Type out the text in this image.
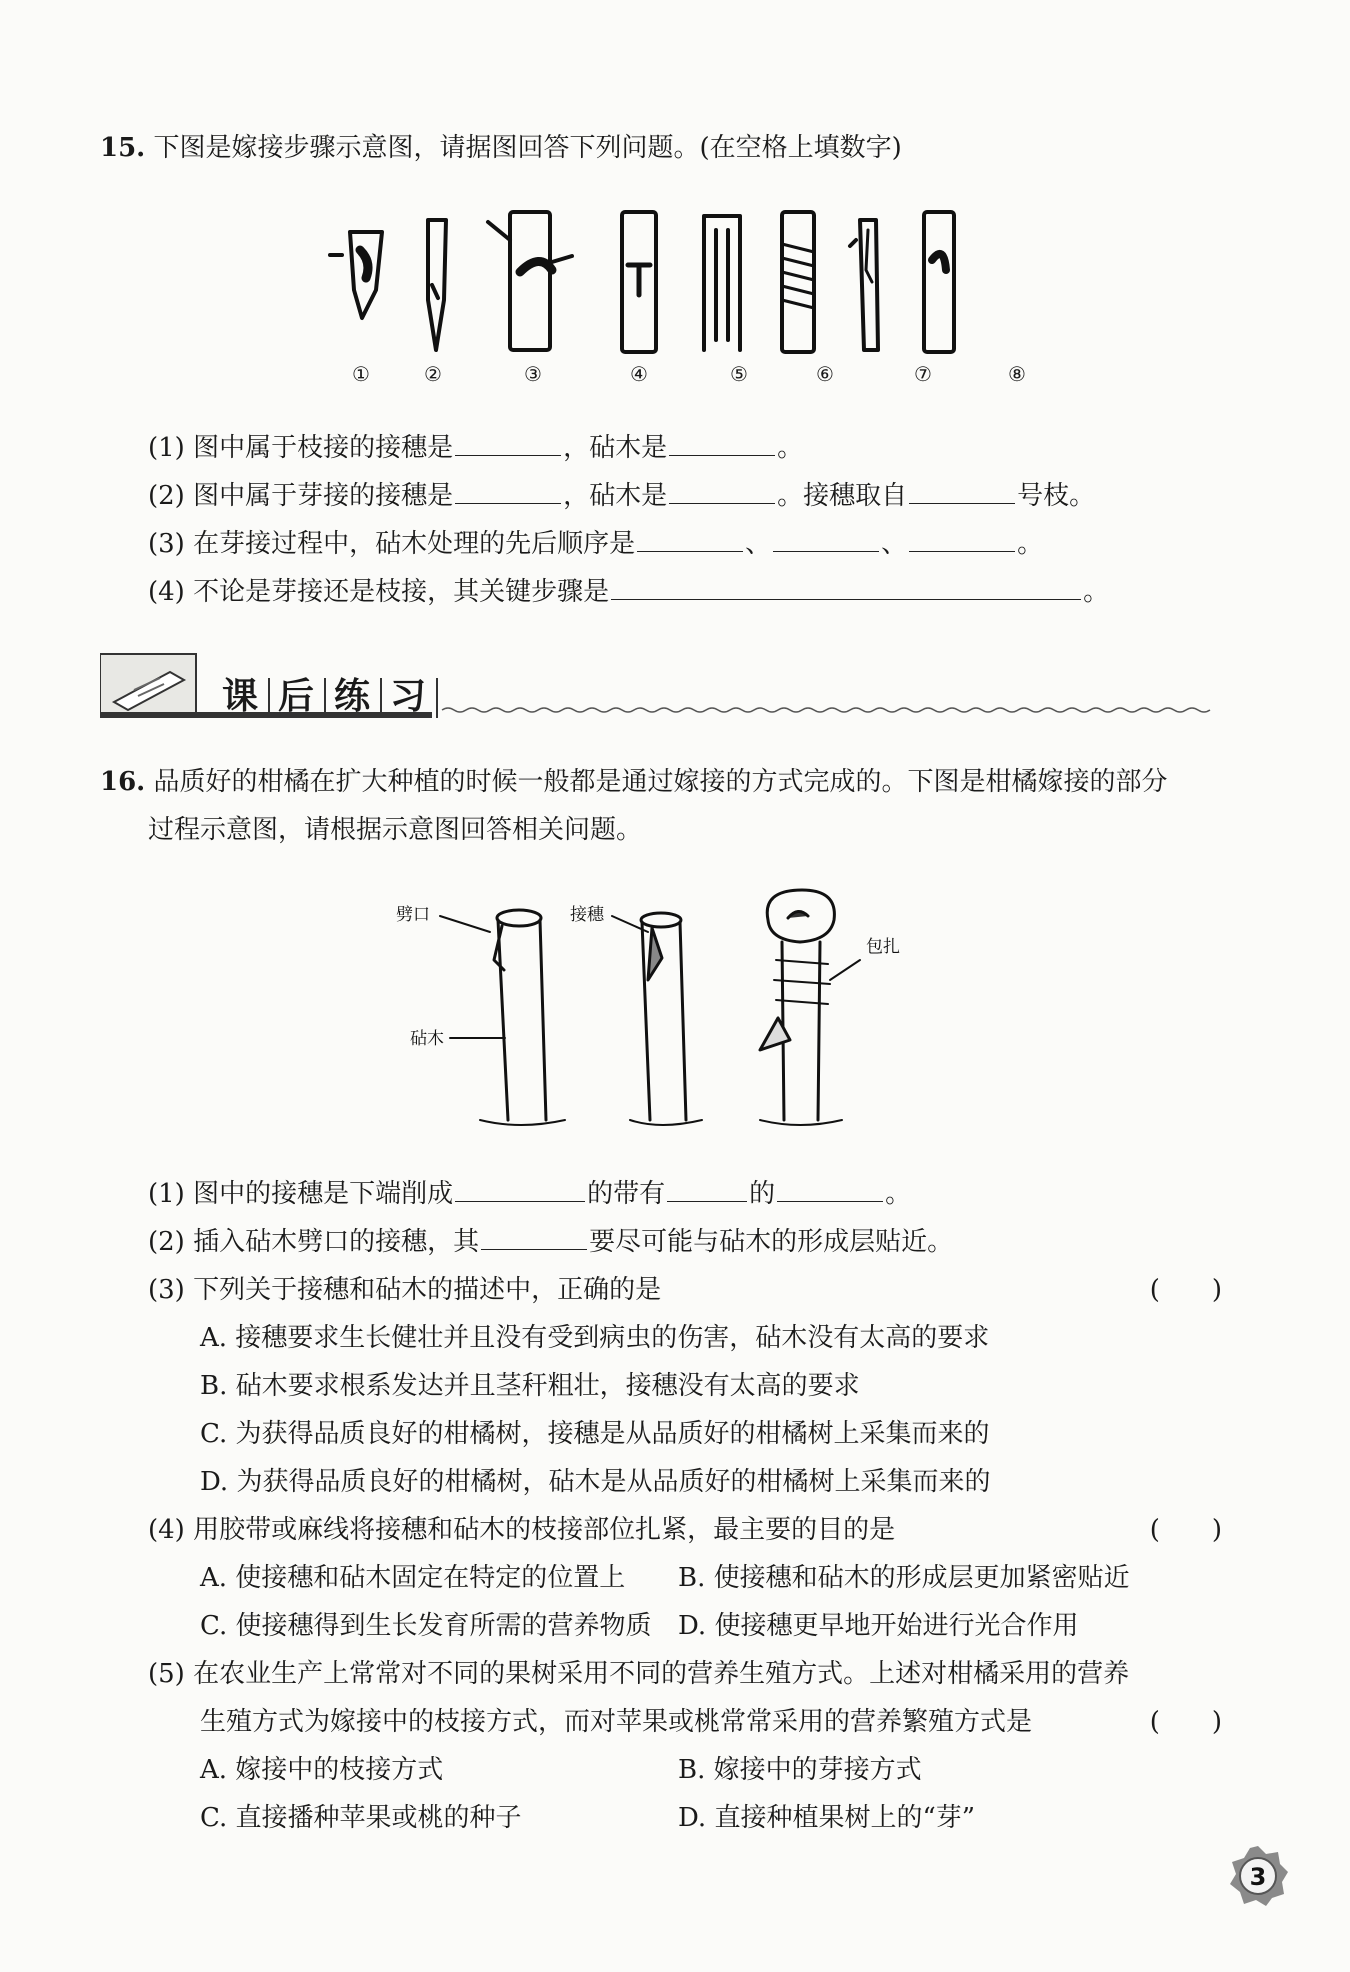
15. 下图是嫁接步骤示意图，请据图回答下列问题。(在空格上填数字)
①	②	③	④	⑤	⑥	⑦	⑧
(1) 图中属于枝接的接穗是	，砧木是	。
(2) 图中属于芽接的接穗是	，砧木是	。接穗取自	号枝。
(3) 在芽接过程中，砧木处理的先后顺序是	、	、	。
(4) 不论是芽接还是枝接，其关键步骤是	。
课 后 练 习
16. 品质好的柑橘在扩大种植的时候一般都是通过嫁接的方式完成的。下图是柑橘嫁接的部分
过程示意图，请根据示意图回答相关问题。
劈口	接穗
砧木
包扎
(1) 图中的接穗是下端削成	的带有	的	。
(2) 插入砧木劈口的接穗，其	要尽可能与砧木的形成层贴近。
(3) 下列关于接穗和砧木的描述中，正确的是	(　　)
A. 接穗要求生长健壮并且没有受到病虫的伤害，砧木没有太高的要求
B. 砧木要求根系发达并且茎秆粗壮，接穗没有太高的要求
C. 为获得品质良好的柑橘树，接穗是从品质好的柑橘树上采集而来的
D. 为获得品质良好的柑橘树，砧木是从品质好的柑橘树上采集而来的
(4) 用胶带或麻线将接穗和砧木的枝接部位扎紧，最主要的目的是	(　　)
A. 使接穗和砧木固定在特定的位置上 B. 使接穗和砧木的形成层更加紧密贴近
C. 使接穗得到生长发育所需的营养物质 D. 使接穗更早地开始进行光合作用
(5) 在农业生产上常常对不同的果树采用不同的营养生殖方式。上述对柑橘采用的营养
生殖方式为嫁接中的枝接方式，而对苹果或桃常常采用的营养繁殖方式是	(　　)
A. 嫁接中的枝接方式	B. 嫁接中的芽接方式
C. 直接播种苹果或桃的种子	D. 直接种植果树上的“芽”
3
